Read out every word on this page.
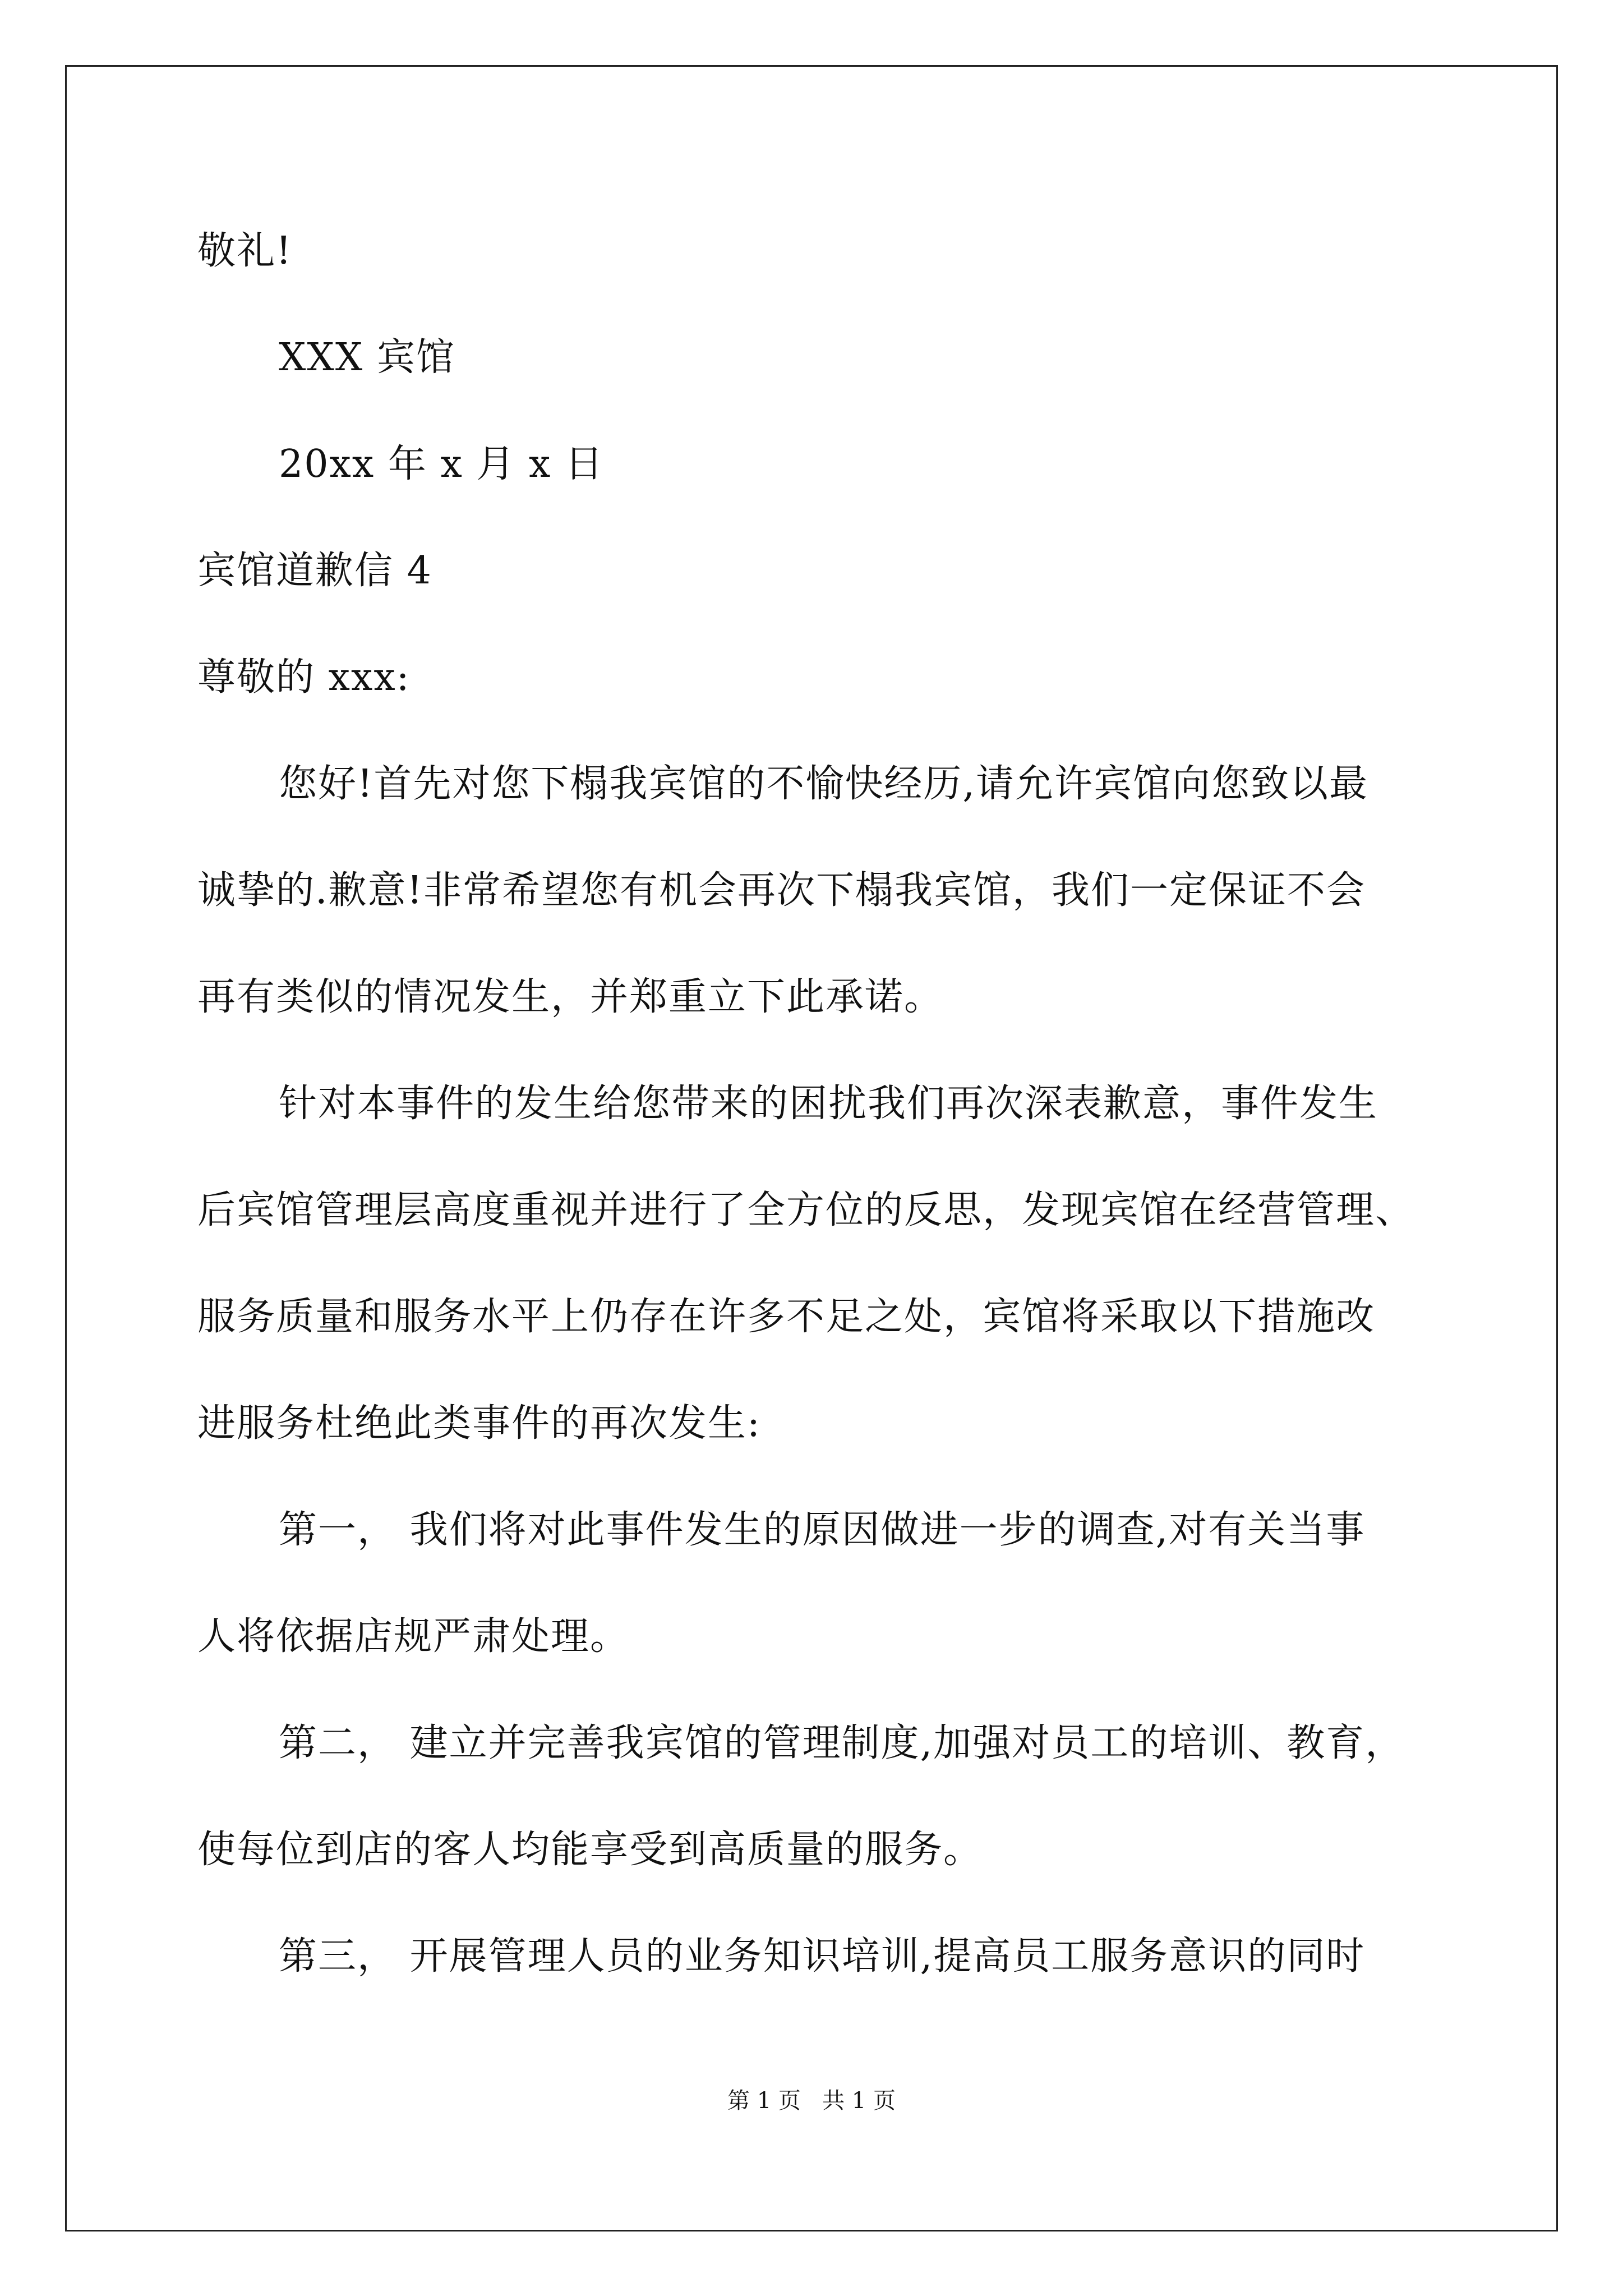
敬礼!
XXX 宾馆
20xx 年 x 月 x 日
宾馆道歉信 4
尊敬的 xxx:
您好!首先对您下榻我宾馆的不愉快经历,请允许宾馆向您致以最
诚挚的.歉意!非常希望您有机会再次下榻我宾馆，我们一定保证不会
再有类似的情况发生，并郑重立下此承诺。
针对本事件的发生给您带来的困扰我们再次深表歉意，事件发生
后宾馆管理层高度重视并进行了全方位的反思，发现宾馆在经营管理、
服务质量和服务水平上仍存在许多不足之处，宾馆将采取以下措施改
进服务杜绝此类事件的再次发生:
第一， 我们将对此事件发生的原因做进一步的调查,对有关当事
人将依据店规严肃处理。
第二， 建立并完善我宾馆的管理制度,加强对员工的培训、教育，
使每位到店的客人均能享受到高质量的服务。
第三， 开展管理人员的业务知识培训,提高员工服务意识的同时
第 1 页   共 1 页
